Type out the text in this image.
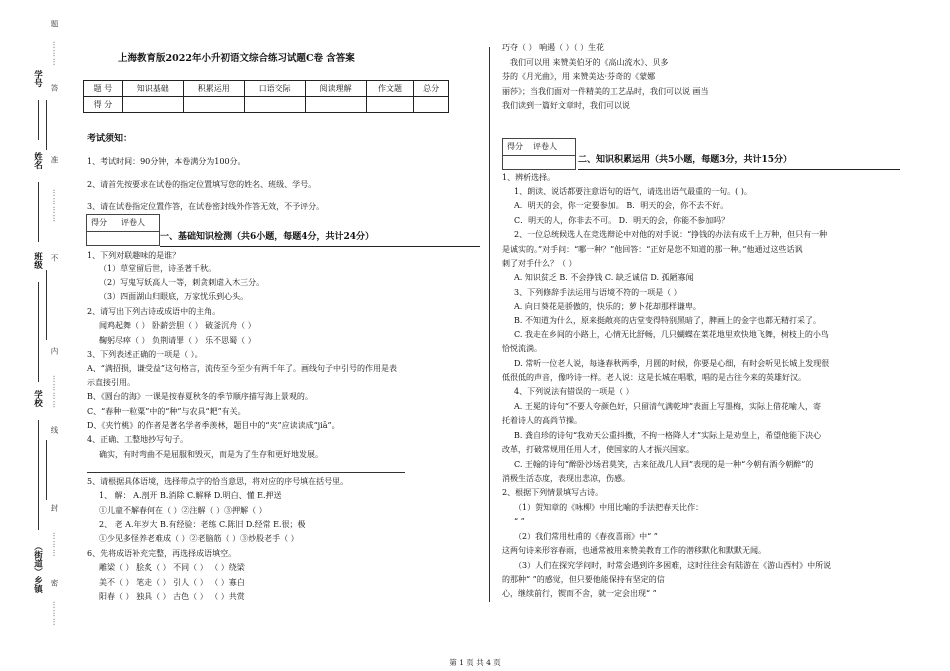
题
⋯⋯⋯
答
准
⋯⋯⋯⋯
不
内
⋯⋯⋯⋯
线
封
⋯⋯⋯
密
⋯⋯⋯
学号
姓名
班级
学校
（街道）乡镇
上海教育版2022年小升初语文综合练习试题C卷 含答案
题 号	知识基础	积累运用	口语交际	阅读理解	作文题	总分
得 分						
考试须知：
1、考试时间：90分钟，本卷满分为100分。
2、请首先按要求在试卷的指定位置填写您的姓名、班级、学号。
3、请在试卷指定位置作答，在试卷密封线外作答无效，不予评分。
得分 评卷人
一、基础知识检测（共6小题，每题4分，共计24分）
1、下列对联趣味的是谁？
（1）草堂留后世，诗圣著千秋。
（2）写鬼写妖高人一等，刺贪刺虐入木三分。
（3）四面湖山归眼底，万家忧乐到心头。
2、请写出下列古诗或成语中的主角。
闻鸡起舞（ ） 卧薪尝胆（ ） 破釜沉舟（ ）
鞠躬尽瘁（ ） 负荆请罪（ ） 乐不思蜀（ ）
3、下列表述正确的一项是（ ）。
A、“满招损，谦受益”这句格言，流传至今至少有两千年了。画线句子中引号的作用是表
示直接引用。
B、《圆台的海》一课是按春夏秋冬的季节顺序描写海上景观的。
C、“春种一粒粟”中的“种”与农具“耙”有关。
D、《夹竹桃》的作者是著名学者季羡林，题目中的“夹”应读读成“jiā”。
4、正确、工整地抄写句子。
确实，有时弯曲不是屈服和毁灭，而是为了生存和更好地发展。
5、请根据具体语境，选择带点字的恰当意思，将对应的序号填在括号里。
1、 解： A.剖开 B.消除 C.解释 D.明白、懂 E.押送
①儿童不解春何在（ ）②注解（ ）③押解（ ）
2、 老 A.年岁大 B.有经验：老练 C.陈旧 D.经常 E.很；极
①少见多怪养老难成（ ）②老脑筋（ ）③炒股老手（ ）
6、先将成语补充完整，再选择成语填空。
雕梁（ ） 脍炙（ ） 不同（ ） （ ）绕梁
美不（ ） 笔走（ ） 引人（ ） （ ）寡白
阳春（ ） 独具（ ） 古色（ ） （ ）共赏
巧夺（ ） 响遏（ ）（ ）生花
我们可以用 来赞美伯牙的《高山流水》、贝多
芬的《月光曲》，用 来赞美达·芬奇的《蒙娜
丽莎》；当我们面对一件精美的工艺品时，我们可以说 画当
我们读到一篇好文章时，我们可以说
得分 评卷人
二、知识积累运用（共5小题，每题3分，共计15分）
1、辨析选择。
1、朗读、说话都要注意语句的语气，请选出语气最重的一句。( )。
A．明天的会，你一定要参加。 B．明天的会，你不去不好。
C．明天的人，你非去不可。 D．明天的会，你能不参加吗？
2、一位总统候选人在竞选辩论中对他的对手说：“挣钱的办法有成千上万种，但只有一种
是诚实的。”对手问：“哪一种？”他回答：“正好是您不知道的那一种。”他通过这些话讽
刺了对手什么？（ ）
A. 知识贫乏 B. 不会挣钱 C. 缺乏诚信 D. 孤陋寡闻
3、下列修辞手法运用与语境不符的一项是（ ）
A. 向日葵花是骄傲的，快乐的；萝卜花却那样谦卑。
B. 不知道为什么，原来挺敞亮的店堂变得特别黑暗了，脾画上的金字也都无精打采了。
C. 我走在乡间的小路上，心情无比舒畅，几只蝴蝶在菜花地里欢快地飞舞，树枝上的小鸟
恰悦流淌。
D. 常听一位老人说，每逢春秋两季，月圆的时候，你要是心细，有时会听见长城上发现很
低很低的声音，像吟诗一样。老人说：这是长城在唱歌，唱的是古往今来的英雄好汉。
4、下列说法有错误的一项是（ ）
A. 王冕的诗句“不要人夸颜色好，只留清气满乾坤”表面上写墨梅，实际上借花喻人，寄
托着诗人的高尚节操。
B. 龚自珍的诗句“我劝天公重抖擞，不拘一格降人才”实际上是劝皇上，希望他能下决心
改革，打破常规用任用人才，使国家的人才振兴国家。
C. 王翰的诗句“醉卧沙场君莫笑，古来征战几人回”表现的是一种“今朝有酒今朝醉”的
消极生活态度，表现出悲凉，伤感。
2、根据下列情景填写古诗。
（1）贺知章的《咏柳》中用比喻的手法把春天比作：
“ ”
（2）我们常用杜甫的《春夜喜雨》中“ ”
这两句诗来形容春雨，也通常被用来赞美教育工作的潜移默化和默默无闻。
（3）人们在探究学问时，时常会遇到许多困难，这时往往会有陆游在《游山西村》中所说
的那种“ ”的感觉，但只要他能保持有坚定的信
心，继续前行，锲而不舍，就一定会出现“ ”
第 1 页 共 4 页
